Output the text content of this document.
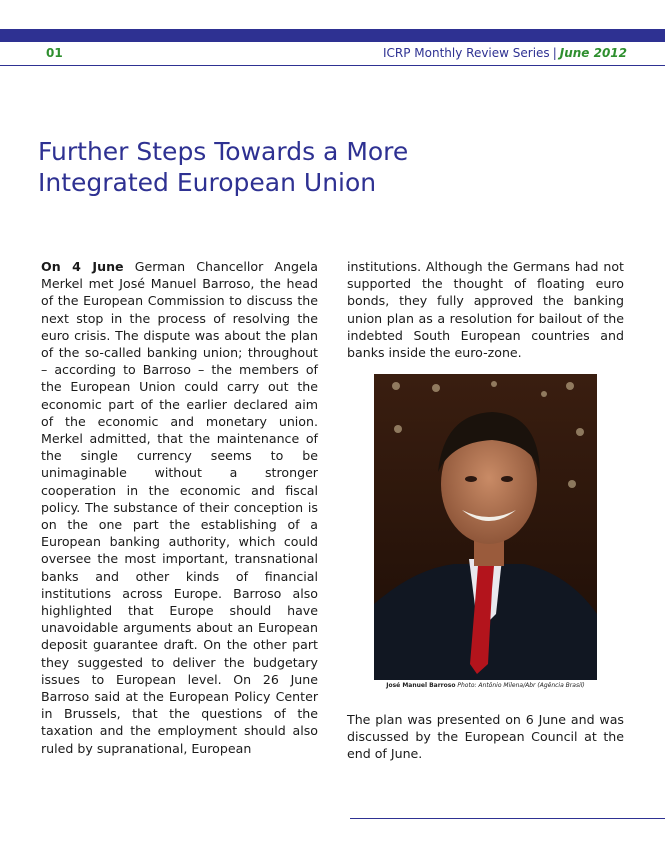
01	ICRP Monthly Review Series | June 2012
Further Steps Towards a More Integrated European Union
On 4 June German Chancellor Angela Merkel met José Manuel Barroso, the head of the European Commission to discuss the next stop in the process of resolving the euro crisis. The dispute was about the plan of the so-called banking union; throughout – according to Barroso – the members of the European Union could carry out the economic part of the earlier declared aim of the economic and monetary union. Merkel admitted, that the maintenance of the single currency seems to be unimaginable without a stronger cooperation in the economic and fiscal policy. The substance of their conception is on the one part the establishing of a European banking authority, which could oversee the most important, transnational banks and other kinds of financial institutions across Europe. Barroso also highlighted that Europe should have unavoidable arguments about an European deposit guarantee draft. On the other part they suggested to deliver the budgetary issues to European level. On 26 June Barroso said at the European Policy Center in Brussels, that the questions of the taxation and the employment should also ruled by supranational, European
institutions. Although the Germans had not supported the thought of floating euro bonds, they fully approved the banking union plan as a resolution for bailout of the indebted South European countries and banks inside the euro-zone.
José Manuel Barroso Photo: Antônio Milena/Abr (Agência Brasil)
The plan was presented on 6 June and was discussed by the European Council at the end of June.
